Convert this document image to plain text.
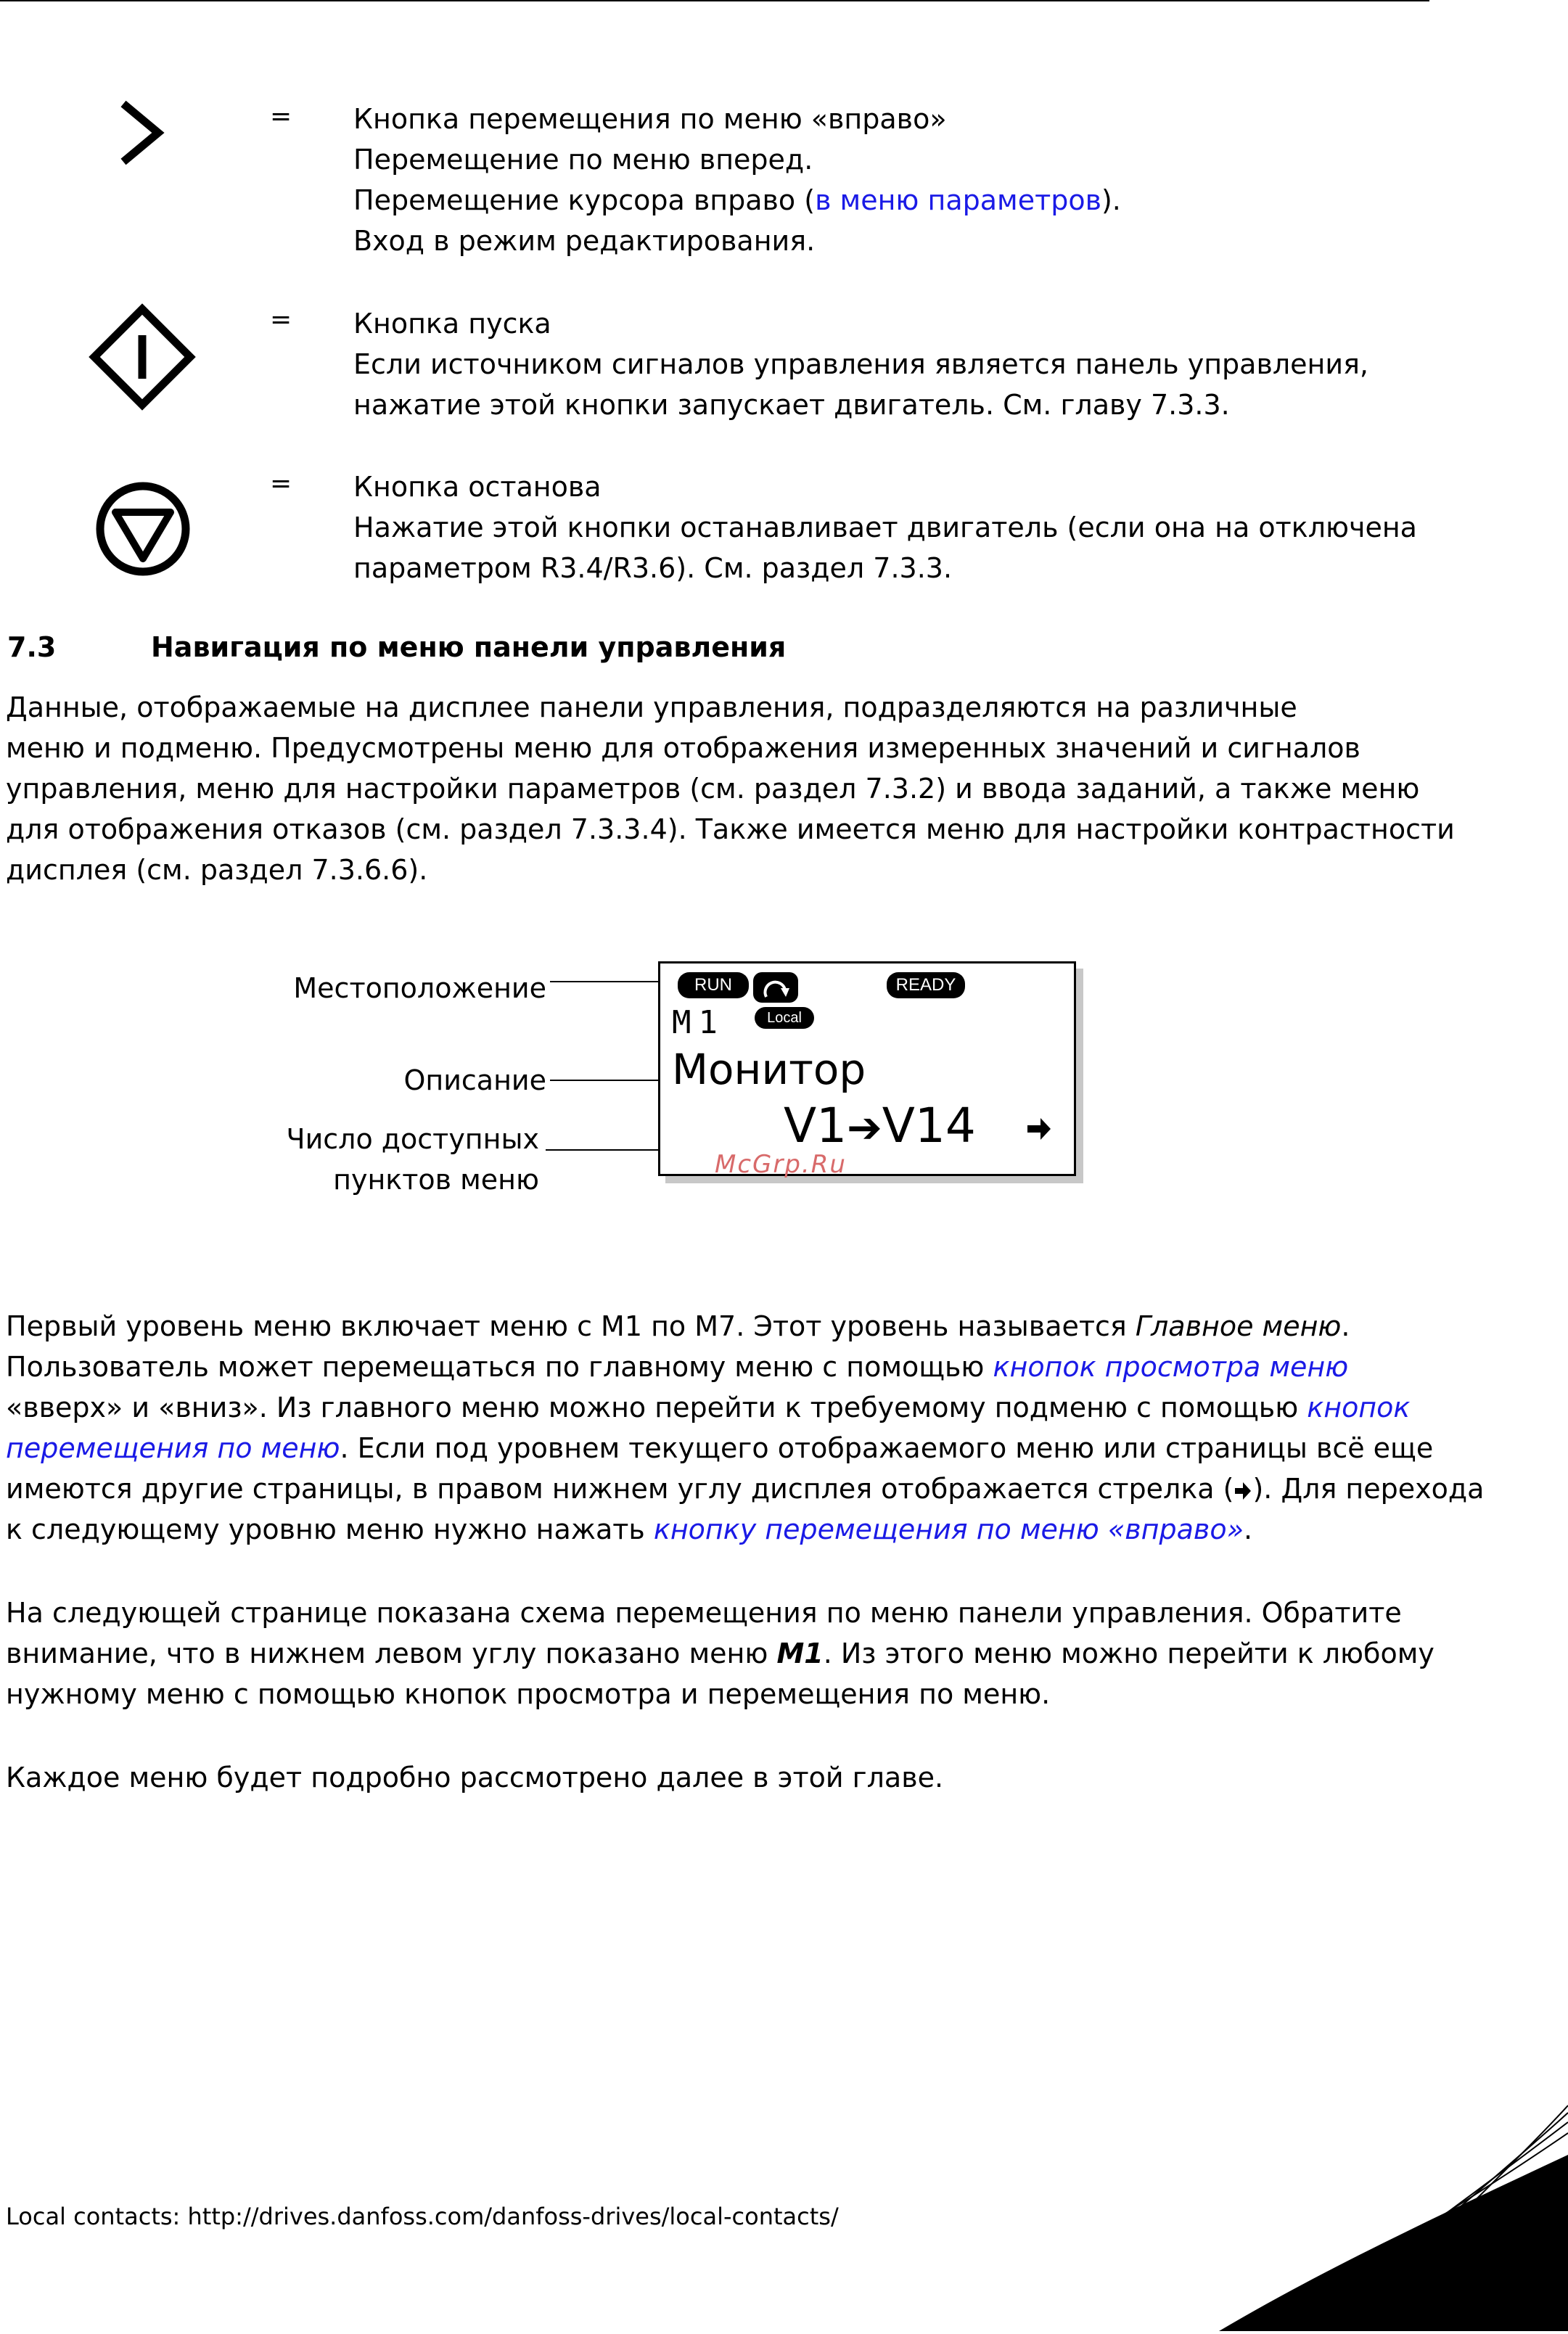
= Кнопка перемещения по меню «вправо»
Перемещение по меню вперед.
Перемещение курсора вправо (в меню параметров).
Вход в режим редактирования.
= Кнопка пуска
Если источником сигналов управления является панель управления,
нажатие этой кнопки запускает двигатель. См. главу 7.3.3.
= Кнопка останова
Нажатие этой кнопки останавливает двигатель (если она на отключена
параметром R3.4/R3.6). См. раздел 7.3.3.
7.3	Навигация по меню панели управления
Данные, отображаемые на дисплее панели управления, подразделяются на различные
меню и подменю. Предусмотрены меню для отображения измеренных значений и сигналов
управления, меню для настройки параметров (см. раздел 7.3.2) и ввода заданий, а также меню
для отображения отказов (см. раздел 7.3.3.4). Также имеется меню для настройки контрастности
дисплея (см. раздел 7.3.6.6).
Местоположение
Описание
Число доступных
пунктов меню
RUN	READY
M1	Local
Монитор
V1➔V14
McGrp.Ru
Первый уровень меню включает меню с М1 по М7. Этот уровень называется Главное меню.
Пользователь может перемещаться по главному меню с помощью кнопок просмотра меню
«вверх» и «вниз». Из главного меню можно перейти к требуемому подменю с помощью кнопок
перемещения по меню. Если под уровнем текущего отображаемого меню или страницы всё еще
имеются другие страницы, в правом нижнем углу дисплея отображается стрелка ( ). Для перехода
к следующему уровню меню нужно нажать кнопку перемещения по меню «вправо».
На следующей странице показана схема перемещения по меню панели управления. Обратите
внимание, что в нижнем левом углу показано меню M1. Из этого меню можно перейти к любому
нужному меню с помощью кнопок просмотра и перемещения по меню.
Каждое меню будет подробно рассмотрено далее в этой главе.
Local contacts: http://drives.danfoss.com/danfoss-drives/local-contacts/
